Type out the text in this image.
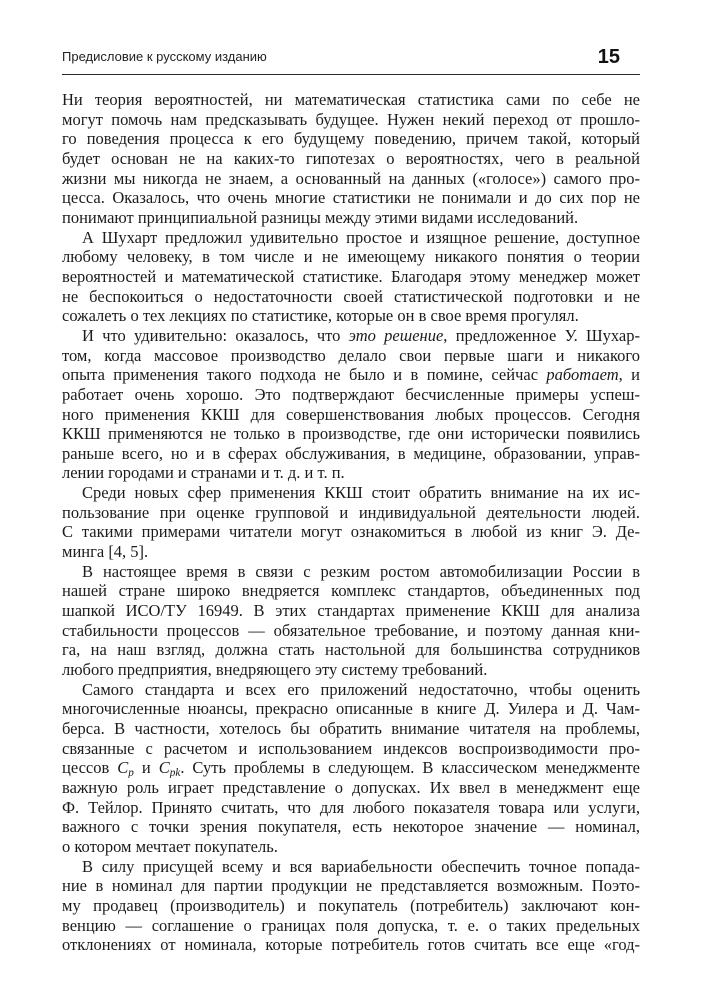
Предисловие к русскому изданию	15
Ни теория вероятностей, ни математическая статистика сами по себе не
могут помочь нам предсказывать будущее. Нужен некий переход от прошло-
го поведения процесса к его будущему поведению, причем такой, который
будет основан не на каких-то гипотезах о вероятностях, чего в реальной
жизни мы никогда не знаем, а основанный на данных («голосе») самого про-
цесса. Оказалось, что очень многие статистики не понимали и до сих пор не
понимают принципиальной разницы между этими видами исследований.
А Шухарт предложил удивительно простое и изящное решение, доступное
любому человеку, в том числе и не имеющему никакого понятия о теории
вероятностей и математической статистике. Благодаря этому менеджер может
не беспокоиться о недостаточности своей статистической подготовки и не
сожалеть о тех лекциях по статистике, которые он в свое время прогулял.
И что удивительно: оказалось, что это решение, предложенное У. Шухар-
том, когда массовое производство делало свои первые шаги и никакого
опыта применения такого подхода не было и в помине, сейчас работает, и
работает очень хорошо. Это подтверждают бесчисленные примеры успеш-
ного применения ККШ для совершенствования любых процессов. Сегодня
ККШ применяются не только в производстве, где они исторически появились
раньше всего, но и в сферах обслуживания, в медицине, образовании, управ-
лении городами и странами и т. д. и т. п.
Среди новых сфер применения ККШ стоит обратить внимание на их ис-
пользование при оценке групповой и индивидуальной деятельности людей.
С такими примерами читатели могут ознакомиться в любой из книг Э. Де-
минга [4, 5].
В настоящее время в связи с резким ростом автомобилизации России в
нашей стране широко внедряется комплекс стандартов, объединенных под
шапкой ИСО/ТУ 16949. В этих стандартах применение ККШ для анализа
стабильности процессов — обязательное требование, и поэтому данная кни-
га, на наш взгляд, должна стать настольной для большинства сотрудников
любого предприятия, внедряющего эту систему требований.
Самого стандарта и всех его приложений недостаточно, чтобы оценить
многочисленные нюансы, прекрасно описанные в книге Д. Уилера и Д. Чам-
берса. В частности, хотелось бы обратить внимание читателя на проблемы,
связанные с расчетом и использованием индексов воспроизводимости про-
цессов $C_p$ и $C_{pk}$. Суть проблемы в следующем. В классическом менеджменте
важную роль играет представление о допусках. Их ввел в менеджмент еще
Ф. Тейлор. Принято считать, что для любого показателя товара или услуги,
важного с точки зрения покупателя, есть некоторое значение — номинал,
о котором мечтает покупатель.
В силу присущей всему и вся вариабельности обеспечить точное попада-
ние в номинал для партии продукции не представляется возможным. Поэто-
му продавец (производитель) и покупатель (потребитель) заключают кон-
венцию — соглашение о границах поля допуска, т. е. о таких предельных
отклонениях от номинала, которые потребитель готов считать все еще «год-
